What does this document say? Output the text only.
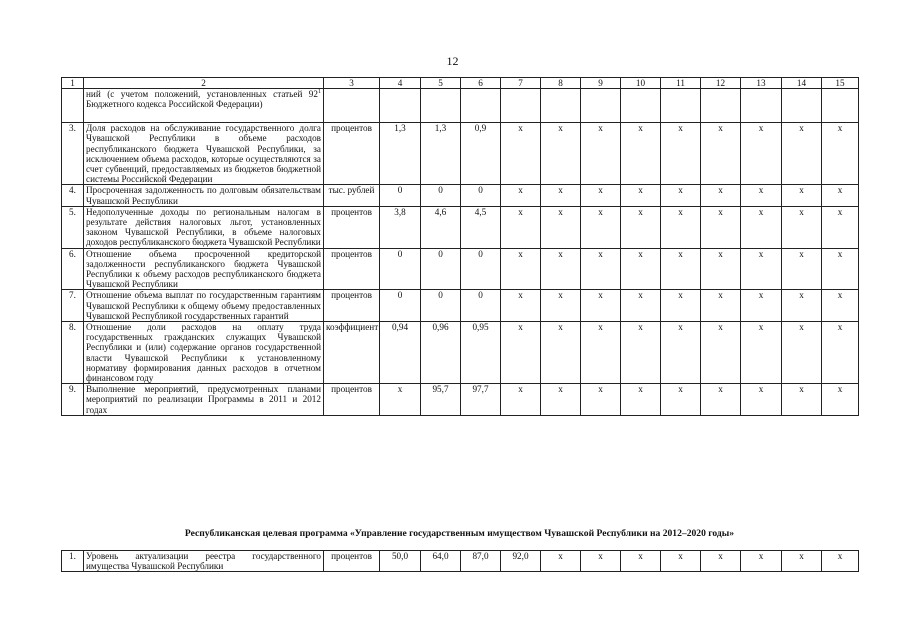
12
1	2	3	4	5	6	7	8	9	10	11	12	13	14	15
	ний (с учетом положений, установленных статьей $92^1$ Бюджетного кодекса Российской Федерации)													
3.	Доля расходов на обслуживание государственного долга Чувашской Республики в объеме расходов республиканского бюджета Чувашской Республики, за исключением объема расходов, которые осуществляются за счет субвенций, предоставляемых из бюджетов бюджетной системы Российской Федерации	процентов	1,3	1,3	0,9	х	х	х	х	х	х	х	х	х
4.	Просроченная задолженность по долговым обязательствам Чувашской Республики	тыс. рублей	0	0	0	х	х	х	х	х	х	х	х	х
5.	Недополученные доходы по региональным налогам в результате действия налоговых льгот, установленных законом Чувашской Республики, в объеме налоговых доходов республиканского бюджета Чувашской Республики	процентов	3,8	4,6	4,5	х	х	х	х	х	х	х	х	х
6.	Отношение объема просроченной кредиторской задолженности республиканского бюджета Чувашской Республики к объему расходов республиканского бюджета Чувашской Республики	процентов	0	0	0	х	х	х	х	х	х	х	х	х
7.	Отношение объема выплат по государственным гарантиям Чувашской Республики к общему объему предоставленных Чувашской Республикой государственных гарантий	процентов	0	0	0	х	х	х	х	х	х	х	х	х
8.	Отношение доли расходов на оплату труда государственных гражданских служащих Чувашской Республики и (или) содержание органов государственной власти Чувашской Республики к установленному нормативу формирования данных расходов в отчетном финансовом году	коэффициент	0,94	0,96	0,95	х	х	х	х	х	х	х	х	х
9.	Выполнение мероприятий, предусмотренных планами мероприятий по реализации Программы в 2011 и 2012 годах	процентов	х	95,7	97,7	х	х	х	х	х	х	х	х	х
Республиканская целевая программа «Управление государственным имуществом Чувашской Республики на 2012–2020 годы»
1.	Уровень актуализации реестра государственного имущества Чувашской Республики	процентов	50,0	64,0	87,0	92,0	х	х	х	х	х	х	х	х
